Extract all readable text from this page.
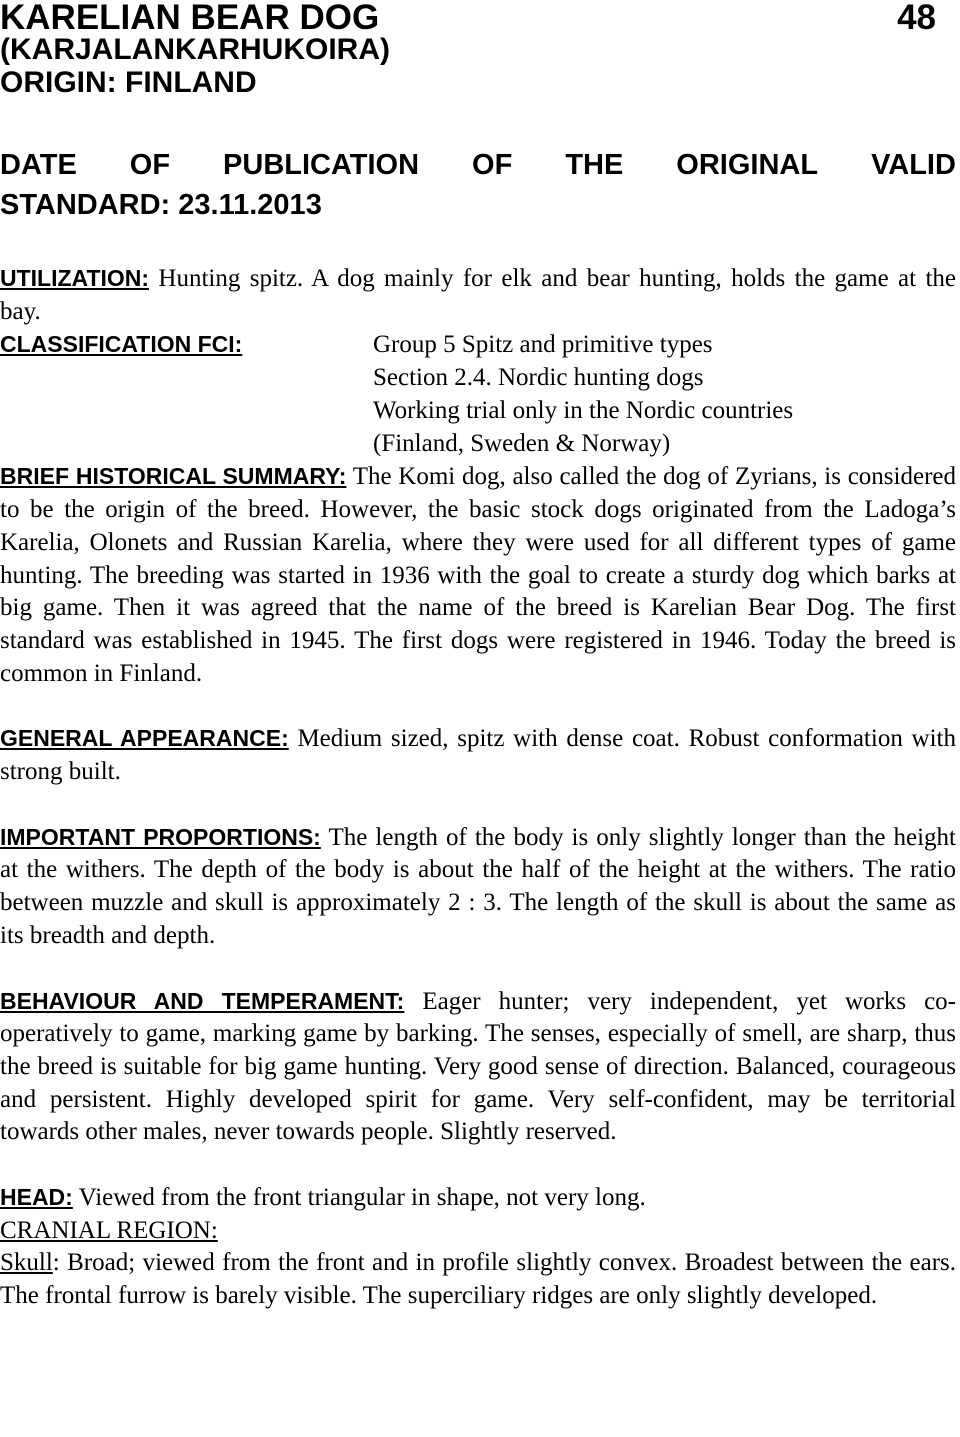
KARELIAN BEAR DOG	48
(KARJALANKARHUKOIRA)
ORIGIN: FINLAND
DATE OF PUBLICATION OF THE ORIGINAL VALID
STANDARD: 23.11.2013

UTILIZATION: Hunting spitz. A dog mainly for elk and bear hunting, holds the game at the bay.

CLASSIFICATION FCI:	Group 5 Spitz and primitive types
Section 2.4. Nordic hunting dogs
Working trial only in the Nordic countries
(Finland, Sweden & Norway)

BRIEF HISTORICAL SUMMARY: The Komi dog, also called the dog of Zyrians, is considered to be the origin of the breed. However, the basic stock dogs originated from the Ladoga’s Karelia, Olonets and Russian Karelia, where they were used for all different types of game hunting. The breeding was started in 1936 with the goal to create a sturdy dog which barks at big game. Then it was agreed that the name of the breed is Karelian Bear Dog. The first standard was established in 1945. The first dogs were registered in 1946. Today the breed is common in Finland.

GENERAL APPEARANCE: Medium sized, spitz with dense coat. Robust conformation with strong built.

IMPORTANT PROPORTIONS: The length of the body is only slightly longer than the height at the withers. The depth of the body is about the half of the height at the withers. The ratio between muzzle and skull is approximately 2 : 3. The length of the skull is about the same as its breadth and depth.

BEHAVIOUR AND TEMPERAMENT: Eager hunter; very independent, yet works co-operatively to game, marking game by barking. The senses, especially of smell, are sharp, thus the breed is suitable for big game hunting. Very good sense of direction. Balanced, courageous and persistent. Highly developed spirit for game. Very self-confident, may be territorial towards other males, never towards people. Slightly reserved.

HEAD: Viewed from the front triangular in shape, not very long.

CRANIAL REGION:

Skull: Broad; viewed from the front and in profile slightly convex. Broadest between the ears. The frontal furrow is barely visible. The superciliary ridges are only slightly developed.
